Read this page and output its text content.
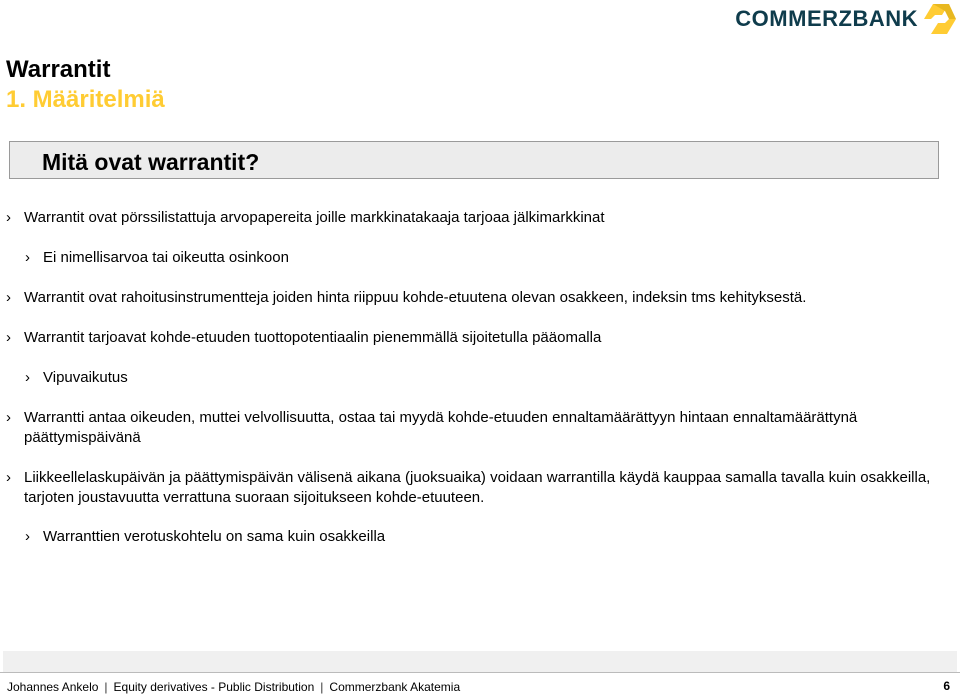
COMMERZBANK
Warrantit
1. Määritelmiä
Mitä ovat warrantit?
› Warrantit ovat pörssilistattuja arvopapereita joille markkinatakaaja tarjoaa jälkimarkkinat
› Ei nimellisarvoa tai oikeutta osinkoon
› Warrantit ovat rahoitusinstrumentteja joiden hinta riippuu kohde-etuutena olevan osakkeen, indeksin tms kehityksestä.
› Warrantit tarjoavat kohde-etuuden tuottopotentiaalin pienemmällä sijoitetulla pääomalla
› Vipuvaikutus
› Warrantti antaa oikeuden, muttei velvollisuutta, ostaa tai myydä kohde-etuuden ennaltamäärättyyn hintaan ennaltamäärättynä päättymispäivänä
› Liikkeellelaskupäivän ja päättymispäivän välisenä aikana (juoksuaika) voidaan warrantilla käydä kauppaa samalla tavalla kuin osakkeilla, tarjoten joustavuutta verrattuna suoraan sijoitukseen kohde-etuuteen.
› Warranttien verotuskohtelu on sama kuin osakkeilla
Johannes Ankelo | Equity derivatives - Public Distribution | Commerzbank Akatemia	6
